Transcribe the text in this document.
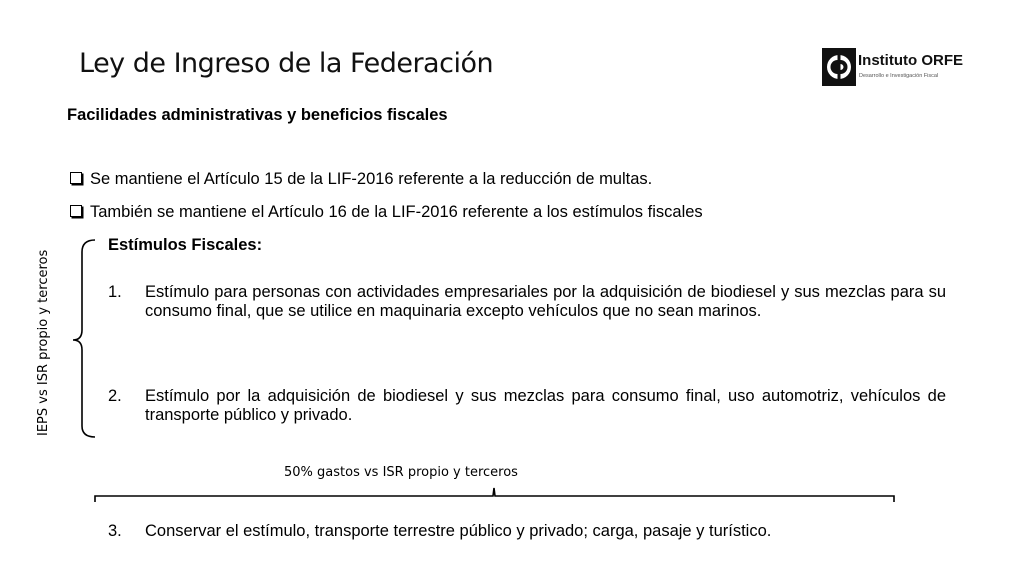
Ley de Ingreso de la Federación	Instituto ORFE
Desarrollo e Investigación Fiscal
Facilidades administrativas y beneficios fiscales
Se mantiene el Artículo 15 de la LIF-2016 referente a la reducción de multas.
También se mantiene el Artículo 16 de la LIF-2016 referente a los estímulos fiscales
Estímulos Fiscales:
1. Estímulo para personas con actividades empresariales por la adquisición de biodiesel y sus mezclas para su consumo final, que se utilice en maquinaria excepto vehículos que no sean marinos.
2. Estímulo por la adquisición de biodiesel y sus mezclas para consumo final, uso automotriz, vehículos de transporte público y privado.
3. Conservar el estímulo, transporte terrestre público y privado; carga, pasaje y turístico.
IEPS vs ISR propio y terceros
50% gastos vs ISR propio y terceros
